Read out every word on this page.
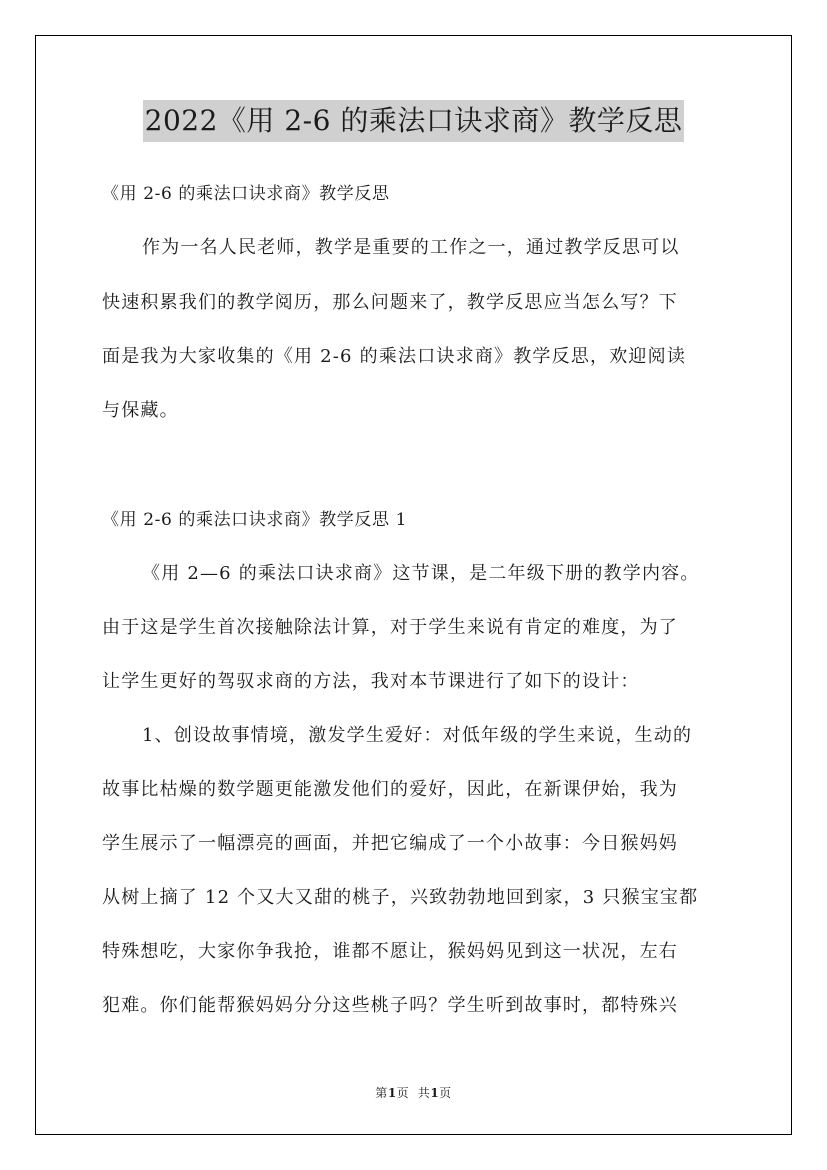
2022《用 2-6 的乘法口诀求商》教学反思
《用 2-6 的乘法口诀求商》教学反思
作为一名人民老师，教学是重要的工作之一，通过教学反思可以
快速积累我们的教学阅历，那么问题来了，教学反思应当怎么写？下
面是我为大家收集的《用 2-6 的乘法口诀求商》教学反思，欢迎阅读
与保藏。
《用 2-6 的乘法口诀求商》教学反思 1
《用 2—6 的乘法口诀求商》这节课，是二年级下册的教学内容。
由于这是学生首次接触除法计算，对于学生来说有肯定的难度，为了
让学生更好的驾驭求商的方法，我对本节课进行了如下的设计：
1、创设故事情境，激发学生爱好：对低年级的学生来说，生动的
故事比枯燥的数学题更能激发他们的爱好，因此，在新课伊始，我为
学生展示了一幅漂亮的画面，并把它编成了一个小故事：今日猴妈妈
从树上摘了 12 个又大又甜的桃子，兴致勃勃地回到家，3 只猴宝宝都
特殊想吃，大家你争我抢，谁都不愿让，猴妈妈见到这一状况，左右
犯难。你们能帮猴妈妈分分这些桃子吗？学生听到故事时，都特殊兴
第1页  共1页
